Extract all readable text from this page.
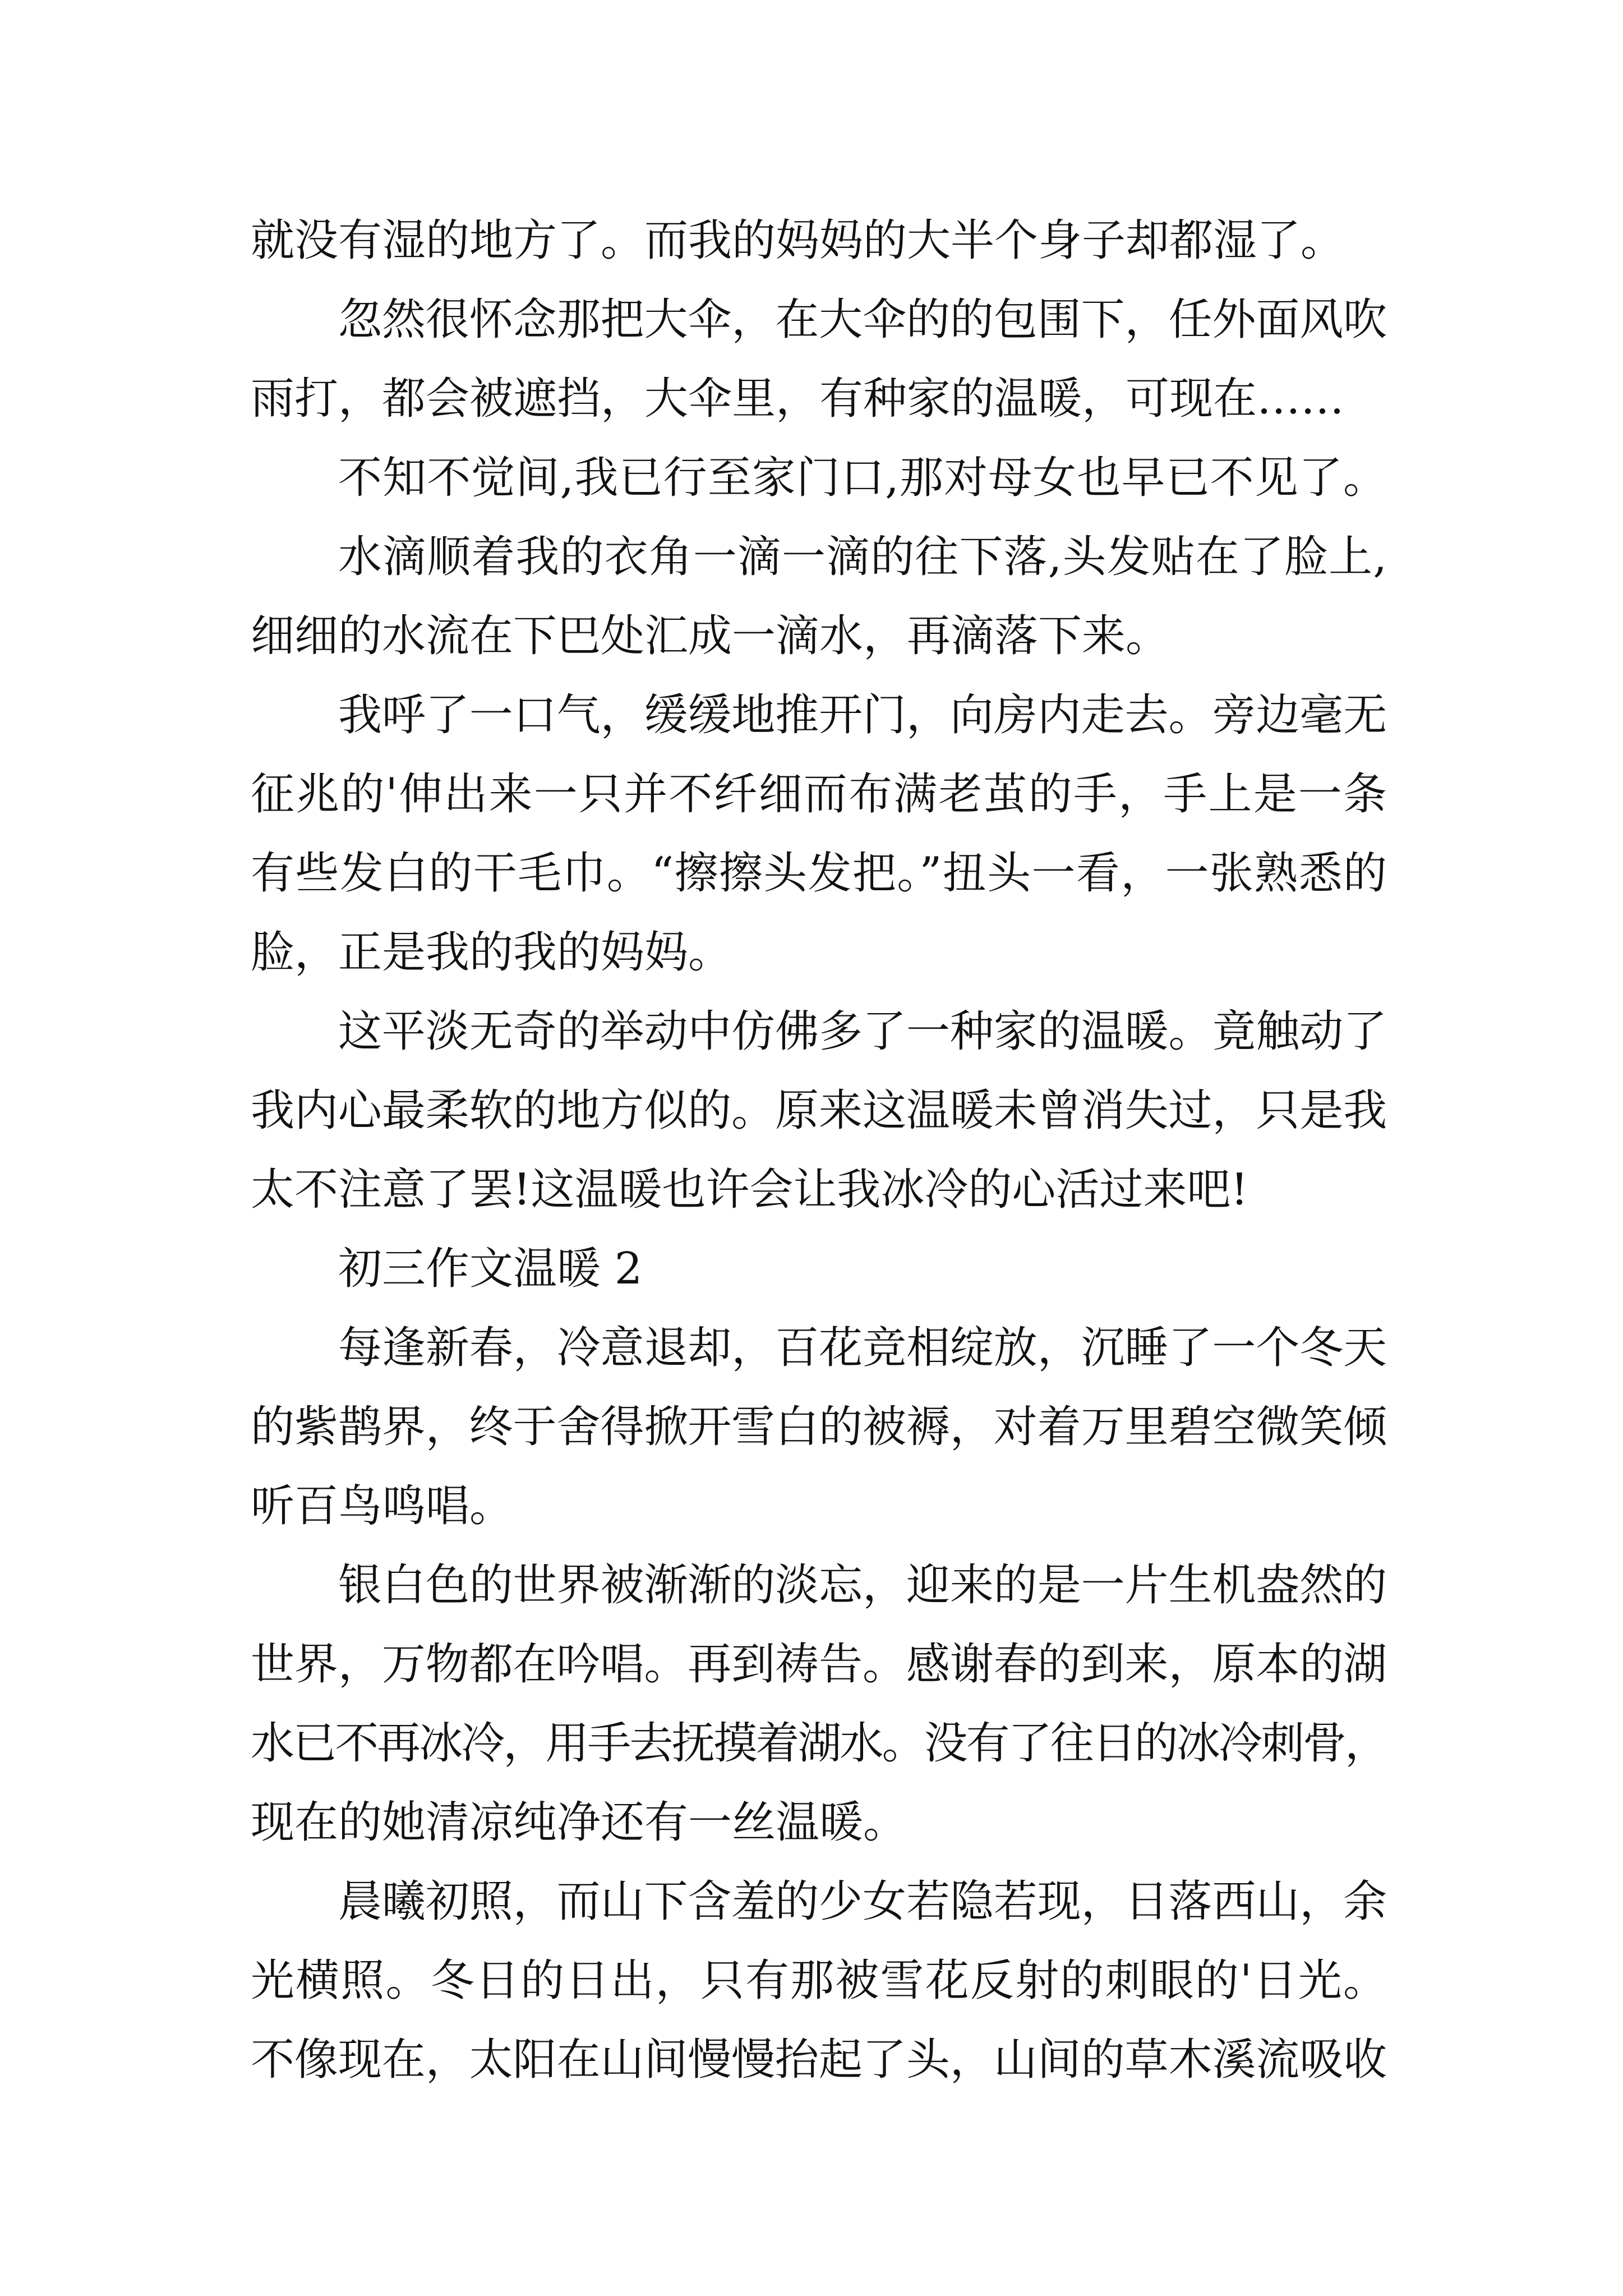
就没有湿的地方了。而我的妈妈的大半个身子却都湿了。
忽然很怀念那把大伞，在大伞的的包围下，任外面风吹
雨打，都会被遮挡，大伞里，有种家的温暖，可现在……
不知不觉间,我已行至家门口,那对母女也早已不见了。
水滴顺着我的衣角一滴一滴的往下落,头发贴在了脸上,
细细的水流在下巴处汇成一滴水，再滴落下来。
我呼了一口气，缓缓地推开门，向房内走去。旁边毫无
征兆的'伸出来一只并不纤细而布满老茧的手，手上是一条
有些发白的干毛巾。“擦擦头发把。”扭头一看，一张熟悉的
脸，正是我的我的妈妈。
这平淡无奇的举动中仿佛多了一种家的温暖。竟触动了
我内心最柔软的地方似的。原来这温暖未曾消失过，只是我
太不注意了罢!这温暖也许会让我冰冷的心活过来吧!
初三作文温暖 2
每逢新春，冷意退却，百花竞相绽放，沉睡了一个冬天
的紫鹊界，终于舍得掀开雪白的被褥，对着万里碧空微笑倾
听百鸟鸣唱。
银白色的世界被渐渐的淡忘，迎来的是一片生机盎然的
世界，万物都在吟唱。再到祷告。感谢春的到来，原本的湖
水已不再冰冷，用手去抚摸着湖水。没有了往日的冰冷刺骨，
现在的她清凉纯净还有一丝温暖。
晨曦初照，而山下含羞的少女若隐若现，日落西山，余
光横照。冬日的日出，只有那被雪花反射的刺眼的'日光。
不像现在，太阳在山间慢慢抬起了头，山间的草木溪流吸收
